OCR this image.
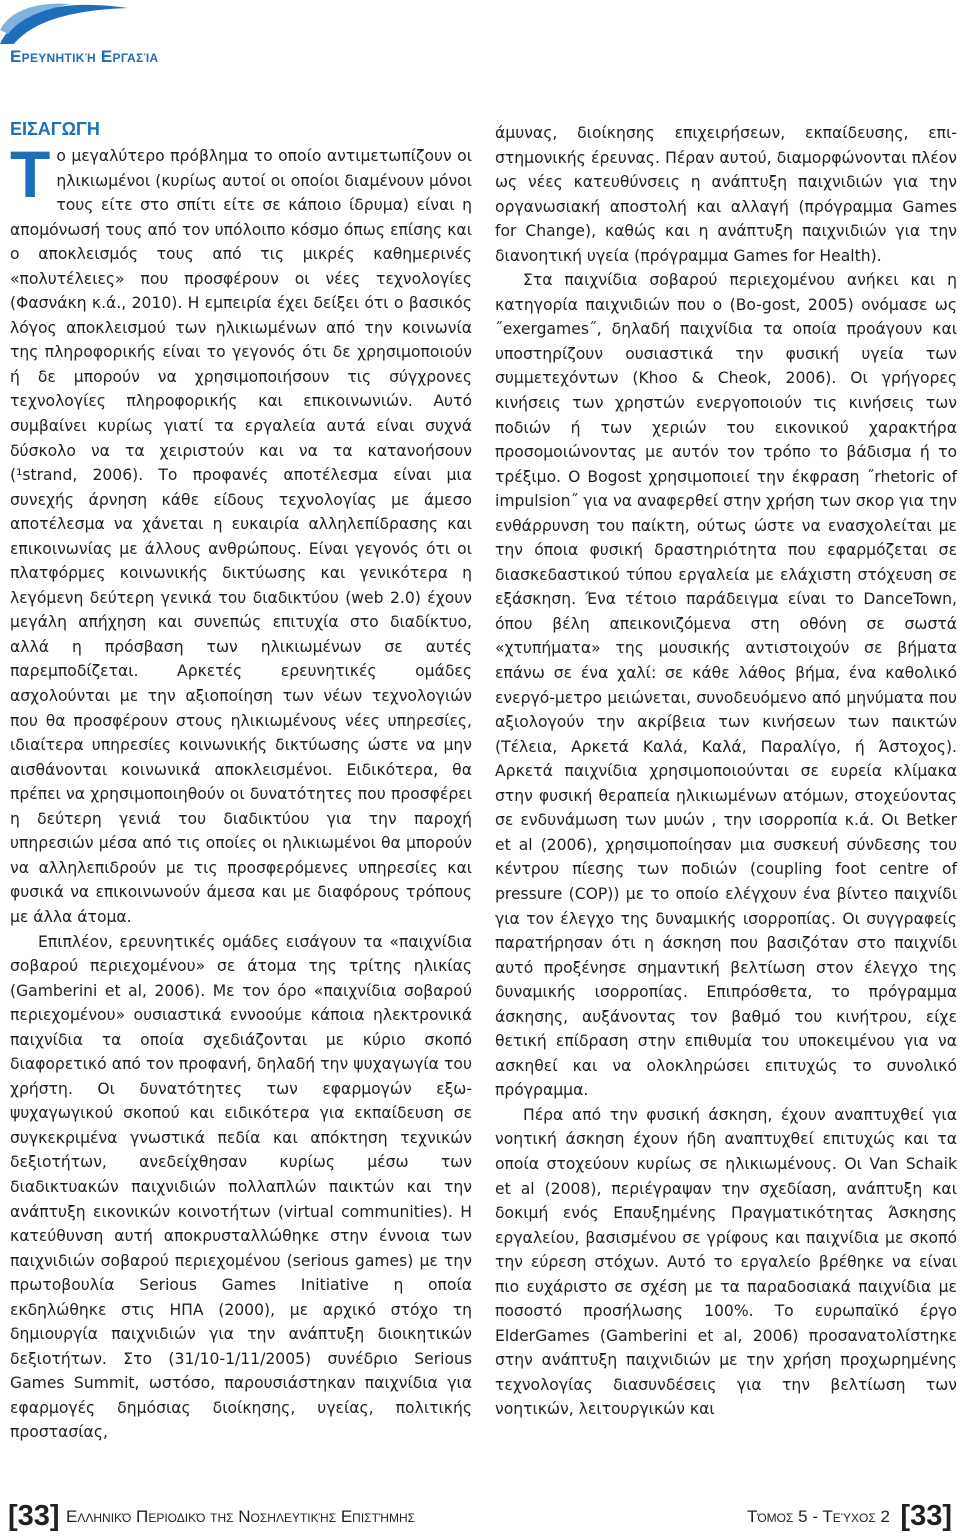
Ερευνητική Εργασία
ΕΙΣΑΓΩΓΗ

Το μεγαλύτερο πρόβλημα το οποίο αντιμετωπίζουν οι ηλικιωμένοι (κυρίως αυτοί οι οποίοι διαμένουν μόνοι τους είτε στο σπίτι είτε σε κάποιο ίδρυμα) είναι η απομόνωσή τους από τον υπόλοιπο κόσμο όπως επίσης και ο αποκλεισμός τους από τις μικρές καθημερινές «πολυτέλειες» που προσφέρουν οι νέες τεχνολογίες (Φασνάκη κ.ά., 2010). Η εμπειρία έχει δείξει ότι ο βασικός λόγος αποκλεισμού των ηλικιωμένων από την κοινωνία της πληροφορικής είναι το γεγονός ότι δε χρησιμοποιούν ή δε μπορούν να χρησιμοποιήσουν τις σύγχρονες τεχνολογίες πληροφορικής και επικοινωνιών. Αυτό συμβαίνει κυρίως γιατί τα εργαλεία αυτά είναι συχνά δύσκολο να τα χειριστούν και να τα κατανοήσουν (¹strand, 2006). Το προφανές αποτέλεσμα είναι μια συνεχής άρνηση κάθε είδους τεχνολογίας με άμεσο αποτέλεσμα να χάνεται η ευκαιρία αλληλεπίδρασης και επικοινωνίας με άλλους ανθρώπους. Είναι γεγονός ότι οι πλατφόρμες κοινωνικής δικτύωσης και γενικότερα η λεγόμενη δεύτερη γενικά του διαδικτύου (web 2.0) έχουν μεγάλη απήχηση και συνεπώς επιτυχία στο διαδίκτυο, αλλά η πρόσβαση των ηλικιωμένων σε αυτές παρεμποδίζεται. Αρκετές ερευνητικές ομάδες ασχολούνται με την αξιοποίηση των νέων τεχνολογιών που θα προσφέρουν στους ηλικιωμένους νέες υπηρεσίες, ιδιαίτερα υπηρεσίες κοινωνικής δικτύωσης ώστε να μην αισθάνονται κοινωνικά αποκλεισμένοι. Ειδικότερα, θα πρέπει να χρησιμοποιηθούν οι δυνατότητες που προσφέρει η δεύτερη γενιά του διαδικτύου για την παροχή υπηρεσιών μέσα από τις οποίες οι ηλικιωμένοι θα μπορούν να αλληλεπιδρούν με τις προσφερόμενες υπηρεσίες και φυσικά να επικοινωνούν άμεσα και με διαφόρους τρόπους με άλλα άτομα.

Επιπλέον, ερευνητικές ομάδες εισάγουν τα «παιχνίδια σοβαρού περιεχομένου» σε άτομα της τρίτης ηλικίας (Gamberini et al, 2006). Με τον όρο «παιχνίδια σοβαρού περιεχομένου» ουσιαστικά εννοούμε κάποια ηλεκτρονικά παιχνίδια τα οποία σχεδιάζονται με κύριο σκοπό διαφορετικό από τον προφανή, δηλαδή την ψυχαγωγία του χρήστη. Οι δυνατότητες των εφαρμογών εξω-ψυχαγωγικού σκοπού και ειδικότερα για εκπαίδευση σε συγκεκριμένα γνωστικά πεδία και απόκτηση τεχνικών δεξιοτήτων, ανεδείχθησαν κυρίως μέσω των διαδικτυακών παιχνιδιών πολλαπλών παικτών και την ανάπτυξη εικονικών κοινοτήτων (virtual communities). Η κατεύθυνση αυτή αποκρυσταλλώθηκε στην έννοια των παιχνιδιών σοβαρού περιεχομένου (serious games) με την πρωτοβουλία Serious Games Initiative η οποία εκδηλώθηκε στις ΗΠΑ (2000), με αρχικό στόχο τη δημιουργία παιχνιδιών για την ανάπτυξη διοικητικών δεξιοτήτων. Στο (31/10-1/11/2005) συνέδριο Serious Games Summit, ωστόσο, παρουσιάστηκαν παιχνίδια για εφαρμογές δημόσιας διοίκησης, υγείας, πολιτικής προστασίας,

άμυνας, διοίκησης επιχειρήσεων, εκπαίδευσης, επιστημονικής έρευνας. Πέραν αυτού, διαμορφώνονται πλέον ως νέες κατευθύνσεις η ανάπτυξη παιχνιδιών για την οργανωσιακή αποστολή και αλλαγή (πρόγραμμα Games for Change), καθώς και η ανάπτυξη παιχνιδιών για την διανοητική υγεία (πρόγραμμα Games for Health).

Στα παιχνίδια σοβαρού περιεχομένου ανήκει και η κατηγορία παιχνιδιών που ο (Bo-gost, 2005) ονόμασε ως ˝exergames˝, δηλαδή παιχνίδια τα οποία προάγουν και υποστηρίζουν ουσιαστικά την φυσική υγεία των συμμετεχόντων (Khoo & Cheok, 2006). Οι γρήγορες κινήσεις των χρηστών ενεργοποιούν τις κινήσεις των ποδιών ή των χεριών του εικονικού χαρακτήρα προσομοιώνοντας με αυτόν τον τρόπο το βάδισμα ή το τρέξιμο. Ο Bogost χρησιμοποιεί την έκφραση ˝rhetoric of impulsion˝ για να αναφερθεί στην χρήση των σκορ για την ενθάρρυνση του παίκτη, ούτως ώστε να ενασχολείται με την όποια φυσική δραστηριότητα που εφαρμόζεται σε διασκεδαστικού τύπου εργαλεία με ελάχιστη στόχευση σε εξάσκηση. Ένα τέτοιο παράδειγμα είναι το DanceTown, όπου βέλη απεικονιζόμενα στη οθόνη σε σωστά «χτυπήματα» της μουσικής αντιστοιχούν σε βήματα επάνω σε ένα χαλί: σε κάθε λάθος βήμα, ένα καθολικό ενεργό-μετρο μειώνεται, συνοδευόμενο από μηνύματα που αξιολογούν την ακρίβεια των κινήσεων των παικτών (Τέλεια, Αρκετά Καλά, Καλά, Παραλίγο, ή Άστοχος). Αρκετά παιχνίδια χρησιμοποιούνται σε ευρεία κλίμακα στην φυσική θεραπεία ηλικιωμένων ατόμων, στοχεύοντας σε ενδυνάμωση των μυών , την ισορροπία κ.ά. Οι Betker et al (2006), χρησιμοποίησαν μια συσκευή σύνδεσης του κέντρου πίεσης των ποδιών (coupling foot centre of pressure (COP)) με το οποίο ελέγχουν ένα βίντεο παιχνίδι για τον έλεγχο της δυναμικής ισορροπίας. Οι συγγραφείς παρατήρησαν ότι η άσκηση που βασιζόταν στο παιχνίδι αυτό προξένησε σημαντική βελτίωση στον έλεγχο της δυναμικής ισορροπίας. Επιπρόσθετα, το πρόγραμμα άσκησης, αυξάνοντας τον βαθμό του κινήτρου, είχε θετική επίδραση στην επιθυμία του υποκειμένου για να ασκηθεί και να ολοκληρώσει επιτυχώς το συνολικό πρόγραμμα.

Πέρα από την φυσική άσκηση, έχουν αναπτυχθεί για νοητική άσκηση έχουν ήδη αναπτυχθεί επιτυχώς και τα οποία στοχεύουν κυρίως σε ηλικιωμένους. Οι Van Schaik et al (2008), περιέγραψαν την σχεδίαση, ανάπτυξη και δοκιμή ενός Επαυξημένης Πραγματικότητας Άσκησης εργαλείου, βασισμένου σε γρίφους και παιχνίδια με σκοπό την εύρεση στόχων. Αυτό το εργαλείο βρέθηκε να είναι πιο ευχάριστο σε σχέση με τα παραδοσιακά παιχνίδια με ποσοστό προσήλωσης 100%. Το ευρωπαϊκό έργο ElderGames (Gamberini et al, 2006) προσανατολίστηκε στην ανάπτυξη παιχνιδιών με την χρήση προχωρημένης τεχνολογίας διασυνδέσεις για την βελτίωση των νοητικών, λειτουργικών και

[33] Ελληνικό Περιοδικό της Νοσηλευτικής Επιστήμης	Τόμος 5 - Τεύχος 2 [33]
